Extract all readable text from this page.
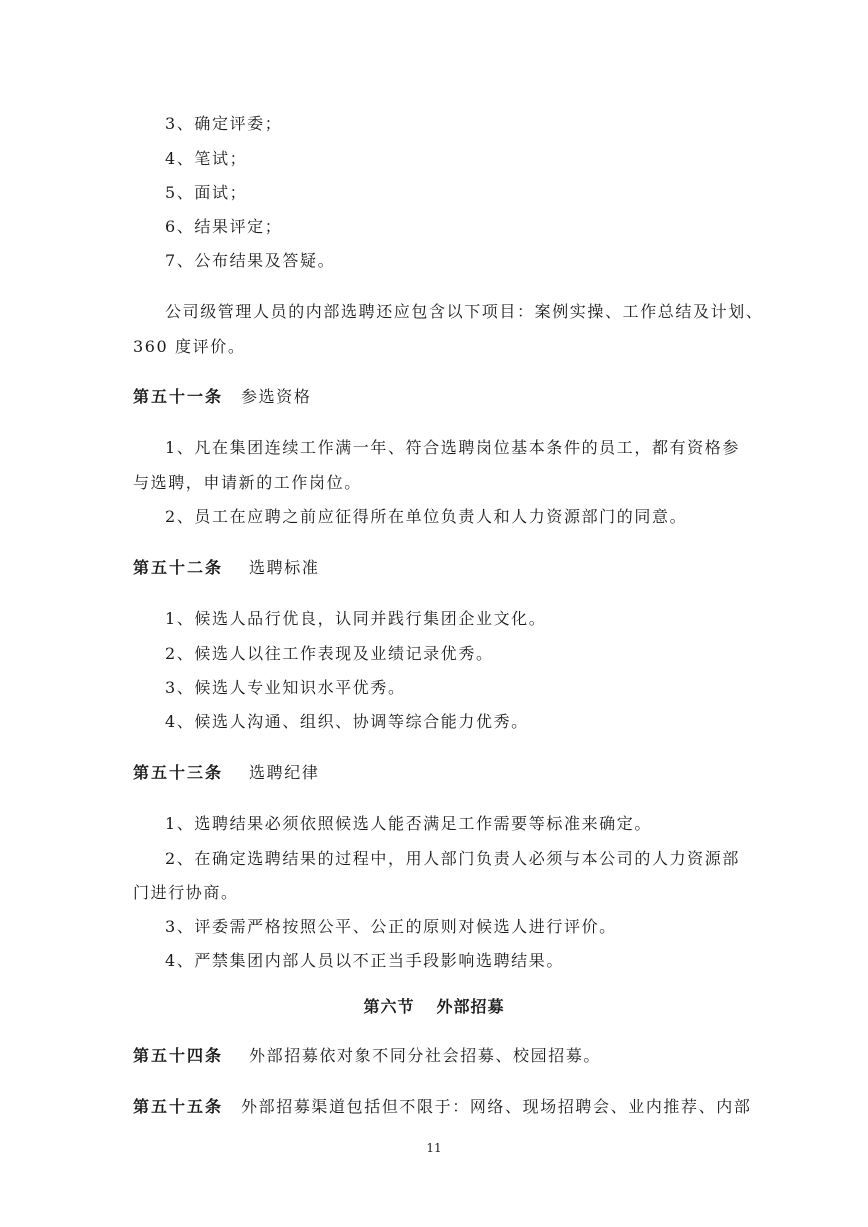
3、确定评委；
4、笔试；
5、面试；
6、结果评定；
7、公布结果及答疑。
公司级管理人员的内部选聘还应包含以下项目：案例实操、工作总结及计划、
360 度评价。
第五十一条 参选资格
1、凡在集团连续工作满一年、符合选聘岗位基本条件的员工，都有资格参
与选聘，申请新的工作岗位。
2、员工在应聘之前应征得所在单位负责人和人力资源部门的同意。
第五十二条 选聘标准
1、候选人品行优良，认同并践行集团企业文化。
2、候选人以往工作表现及业绩记录优秀。
3、候选人专业知识水平优秀。
4、候选人沟通、组织、协调等综合能力优秀。
第五十三条 选聘纪律
1、选聘结果必须依照候选人能否满足工作需要等标准来确定。
2、在确定选聘结果的过程中，用人部门负责人必须与本公司的人力资源部
门进行协商。
3、评委需严格按照公平、公正的原则对候选人进行评价。
4、严禁集团内部人员以不正当手段影响选聘结果。
第六节 外部招募
第五十四条 外部招募依对象不同分社会招募、校园招募。
第五十五条 外部招募渠道包括但不限于：网络、现场招聘会、业内推荐、内部
11
